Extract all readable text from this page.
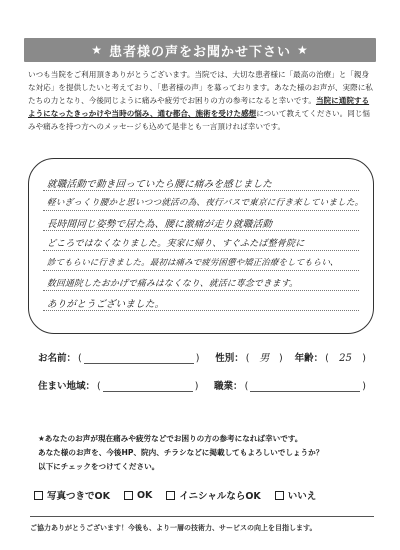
★ 患者様の声をお聞かせ下さい ★
いつも当院をご利用頂きありがとうございます。当院では、大切な患者様に「最高の治療」と「親身な対応」を提供したいと考えており、「患者様の声」を募っております。あなた様のお声が、実際に私たちの力となり、今後同じように痛みや疲労でお困りの方の参考になると幸いです。当院に通院するようになったきっかけや当時の悩み、通む都合、施術を受けた感想について教えてください。同じ悩みや痛みを持つ方へのメッセージも込めて是非とも一言頂ければ幸いです。
就職活動で動き回っていたら腰に痛みを感じました
軽いぎっくり腰かと思いつつ就活の為、夜行バスで東京に行き来していました。
長時間同じ姿勢で居た為、腰に激痛が走り就職活動
どころではなくなりました。実家に帰り、すぐふたば整骨院に
診てもらいに行きました。最初は痛みで疲労困憊や矯正治療をしてもらい、
数回通院したおかげで痛みはなくなり、就活に専念できます。
ありがとうございました。
お名前： (	) 性別： ( 男	) 年齢： (	25	)
住まい地域： (	) 職業： (	)
★あなたのお声が現在痛みや疲労などでお困りの方の参考になれば幸いです。
あなた様のお声を、今後HP、院内、チラシなどに掲載してもよろしいでしょうか？
以下にチェックをつけてください。
写真つきでOK	OK	イニシャルならOK	いいえ
ご協力ありがとうございます！今後も、より一層の技術力、サービスの向上を目指します。
